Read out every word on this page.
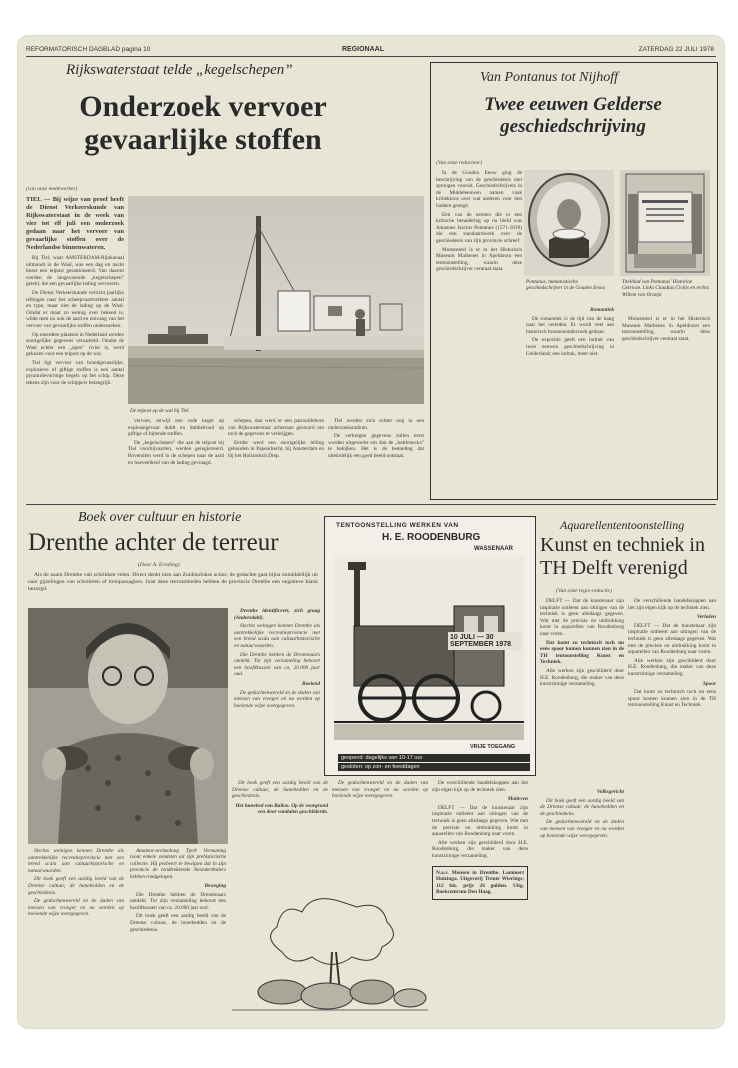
REFORMATORISCH DAGBLAD pagina 10	REGIONAAL	ZATERDAG 22 JULI 1978
Rijkswaterstaat telde „kegelschepen”
Onderzoek vervoer
gevaarlijke stoffen
(van onze medewerker)
TIEL — Bij wijze van proef heeft de Dienst Verkeerskunde van Rijkswaterstaat in de week van vier tot elf juli een onderzoek gedaan naar het vervoer van gevaarlijke stoffen over de Nederlandse binnenwateren.

Bij Tiel, waar AMSTERDAM-Rijnkanaal uitmondt in de Waal, was een dag en nacht bezet een telpost gestationeerd. Van daaruit werden de langsvarende „kegelschepen” geteld, die een gevaarlijke lading vervoeren.

De Dienst Verkeerskunde verricht jaarlijks tellingen naar het scheepvaartverkeer aantal en type, maar niet de lading op de Waal. Omdat er maar zo weinig over bekend is, wilde men nu ook de aard en omvang van het vervoer van gevaarlijke stoffen onderzoeken.

Op meerdere plaatsen in Nederland werden soortgelijke gegevens verzameld. Omdat de Waal echter een „open” rivier is, werd gekozen voor een telpost op de wal.

Tiel ligt vervoer van brandgevaarlijke, explosieve of giftige stoffen is een aantal pyramidevormige kegels op het schip. Deze tekens zijn voor de schippers belangrijk.

De telpost op de wal bij Tiel.

vervoer, terwijl een rode kegel op explosiegevaar duidt en dubbelrood op giftige of bijtende stoffen.

De „kegelschepen” die aan de telpost bij Tiel voorbijvaarten, werden geregistreerd. Bovendien werd in de schepen naar de aard en hoeveelheid van de lading gevraagd.

schepen, dan werd er een patrouilleboot van Rijkswaterstaat achteraan gestuurd om toch de gegevens te verkrijgen.

Eerder werd een soortgelijke telling gehouden in Papendrecht, bij Amsterdam en bij het Hollandsch Diep.

Tiel werden zich echter nog in een onderzoekstadium.

De verkregen gegevens zullen eerst worden uitgewerkt om dan de „bottlenecks” te bekijken. Het is de bedoeling dat uiteindelijk een goed beeld ontstaat.

Van Pontanus tot Nijhoff
Twee eeuwen Gelderse
geschiedschrijving
(Van onze redacteur)

In de Gouden Eeuw ging de beschrijving van de geschiedenis mei sprongen vooruit. Geschiedschrijvers in de Middeleeuwen namen vaak kritiekloos over wat anderen voor hen hadden gezegd.

Een van de eersten die er een kritische benadering op na hield was Johannes Isacius Pontanus (1571-1639) die een standaardwerk over de geschiedenis van zijn provincie schreef.

Momenteel is er in het Historisch Museum Mathenes in Apeldoorn een tentoonstelling, waarin deze geschiedschrijver centraal staat.

Pontanus, humanistische geschiedschrijver in de Gouden Eeuw.
Titelblad van Pontanus’ Historiae Gelricae. Links Claudius Civilis en rechts Willem van Oranje.
Romantiek

De romantiek is de tijd van de hang naar het verleden. Er wordt veel aan historisch bronnenonderzoek gedaan.

De expositie geeft een indruk van twee eeuwen geschiedschrijving in Gelderland; een indruk, meer niet.

Momenteel is er in het Historisch Museum Mathenes in Apeldoorn een tentoonstelling, waarin deze geschiedschrijver centraal staat.

Boek over cultuur en historie
Drenthe achter de terreur
(Door A. Ernsting)

Als de naam Drenthe valt schrikken velen. Direct denkt men aan Zuidmolukse acties; de gedachte gaat bijna onmiddellijk uit naar gijzelingen van scholieren of treinpassagiers. Juist deze teerzamheden hebben de provincie Drenthe een negatieve klank bezorgd.

Drenthe identificeert, zich graag (Andersdabl).

Slechts weinigen kennen Drenthe als aantrekkelijke recreatieprovincie met een breed scala aan cultuurhistorische en natuurwaarden.

Die Drenthe hebben de Drentenaars ontdekt. Tot zijn verzameling behoort een hoofdkussen van ca. 20.000 jaar oud.

Boeiend

De gedachtenwereld en de daden van mensen van vroeger en nu worden op boeiende wijze weergegeven.

Slechts weinigen kennen Drenthe als aantrekkelijke recreatieprovincie met een breed scala aan cultuurhistorische en natuurwaarden.

Dit boek geeft een aardig beeld van de Drentse cultuur, de hunebedden en de geschiedenis.

De gedachtenwereld en de daden van mensen van vroeger en nu worden op boeiende wijze weergegeven.

Amateur-archeoloog Tjerk Vermaning toont enkele vondsten uit zijn prehistorische collectie. Hij probeert te bewijzen dat in zijn provincie de rondtrekkende Neanderthalers hebben rondgelopen.

Beweging

Die Drenthe hebben de Drentenaars ontdekt. Tot zijn verzameling behoort een hoofdkussen van ca. 20.000 jaar oud.

Dit boek geeft een aardig beeld van de Drentse cultuur, de hunebedden en de geschiedenis.

TENTOONSTELLING WERKEN VAN
H. E. ROODENBURG
WASSENAAR
10 JULI — 30 SEPTEMBER 1978
VRIJE TOEGANG
geopend: dagelijks van 10-17 uur
gesloten: op zon- en feestdagen

Dit boek geeft een aardig beeld van de Drentse cultuur, de hunebedden en de geschiedenis.

Het hunebed van Balloo. Op de voorgrond een door vandalen geschilderde.

De gedachtenwereld en de daden van mensen van vroeger en nu worden op boeiende wijze weergegeven.

De verschillende handelskoppen aan liet zijn eigen kijk op de techniek zien.

Motieven

DELFT — Dat de kunstenaar zijn inspiratie ontleent aan uitingen van de techniek is geen alledaags gegeven. Wat met de precisie en uitdrukking komt in aquarellen van Roodenburg naar voren.

Alle werken zijn geschilderd door H.E. Roodenburg, die maker van deze kunstzinnige verzameling.

N.a.v. Mensen in Drenthe. Lammert Huizinga. Uitgeverij Trente Wierings; 112 blz. prijs 26 gulden. Uitg. Boekcentrum Den Haag.
Aquarellententoonstelling
Kunst en techniek in
TH Delft verenigd
(Van onze regio-redactie)

DELFT — Dat de kunstenaar zijn inspiratie ontleent aan uitingen van de techniek is geen alledaags gegeven. Wat met de precisie en uitdrukking komt in aquarellen van Roodenburg naar voren.

Dat komt zo technisch toch nu eens spoor komen kunnen zien in de TH tentoonstelling Kunst en Techniek.

Alle werken zijn geschilderd door H.E. Roodenburg, die maker van deze kunstzinnige verzameling.

De verschillende handelskoppen aan liet zijn eigen kijk op de techniek zien.

Verleden

DELFT — Dat de kunstenaar zijn inspiratie ontleent aan uitingen van de techniek is geen alledaags gegeven. Wat met de precisie en uitdrukking komt in aquarellen van Roodenburg naar voren.

Alle werken zijn geschilderd door H.E. Roodenburg, die maker van deze kunstzinnige verzameling.

Spoor

Dat komt zo technisch toch nu eens spoor komen kunnen zien in de TH tentoonstelling Kunst en Techniek.

Volksgericht

Dit boek geeft een aardig beeld van de Drentse cultuur, de hunebedden en de geschiedenis.

De gedachtenwereld en de daden van mensen van vroeger en nu worden op boeiende wijze weergegeven.
